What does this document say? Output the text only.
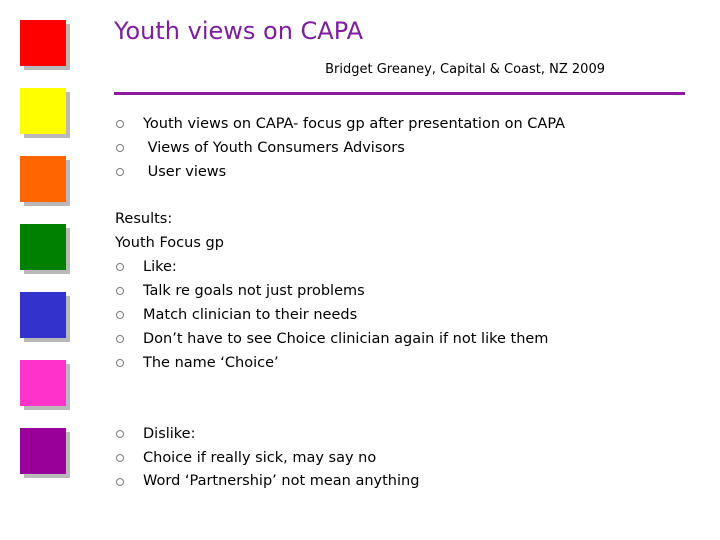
Youth views on CAPA
Bridget Greaney, Capital & Coast, NZ 2009
Youth views on CAPA- focus gp after presentation on CAPA
Views of Youth Consumers Advisors
User views
Results:
Youth Focus gp
Like:
Talk re goals not just problems
Match clinician to their needs
Don’t have to see Choice clinician again if not like them
The name ‘Choice’
Dislike:
Choice if really sick, may say no
Word ‘Partnership’ not mean anything
